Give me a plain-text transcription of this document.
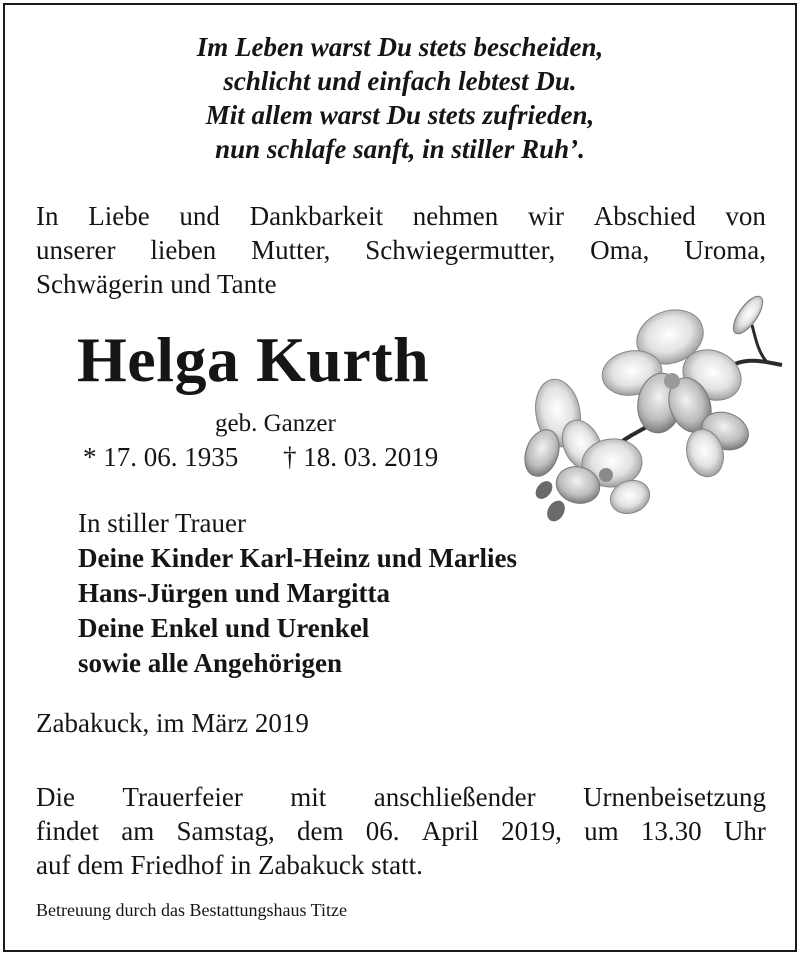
Im Leben warst Du stets bescheiden,
schlicht und einfach lebtest Du.
Mit allem warst Du stets zufrieden,
nun schlafe sanft, in stiller Ruh’.
In Liebe und Dankbarkeit nehmen wir Abschied von
unserer lieben Mutter, Schwiegermutter, Oma, Uroma,
Schwägerin und Tante
Helga Kurth
geb. Ganzer
* 17. 06. 1935 † 18. 03. 2019
In stiller Trauer
Deine Kinder Karl-Heinz und Marlies
Hans-Jürgen und Margitta
Deine Enkel und Urenkel
sowie alle Angehörigen
Zabakuck, im März 2019
Die Trauerfeier mit anschließender Urnenbeisetzung
findet am Samstag, dem 06. April 2019, um 13.30 Uhr
auf dem Friedhof in Zabakuck statt.
Betreuung durch das Bestattungshaus Titze
